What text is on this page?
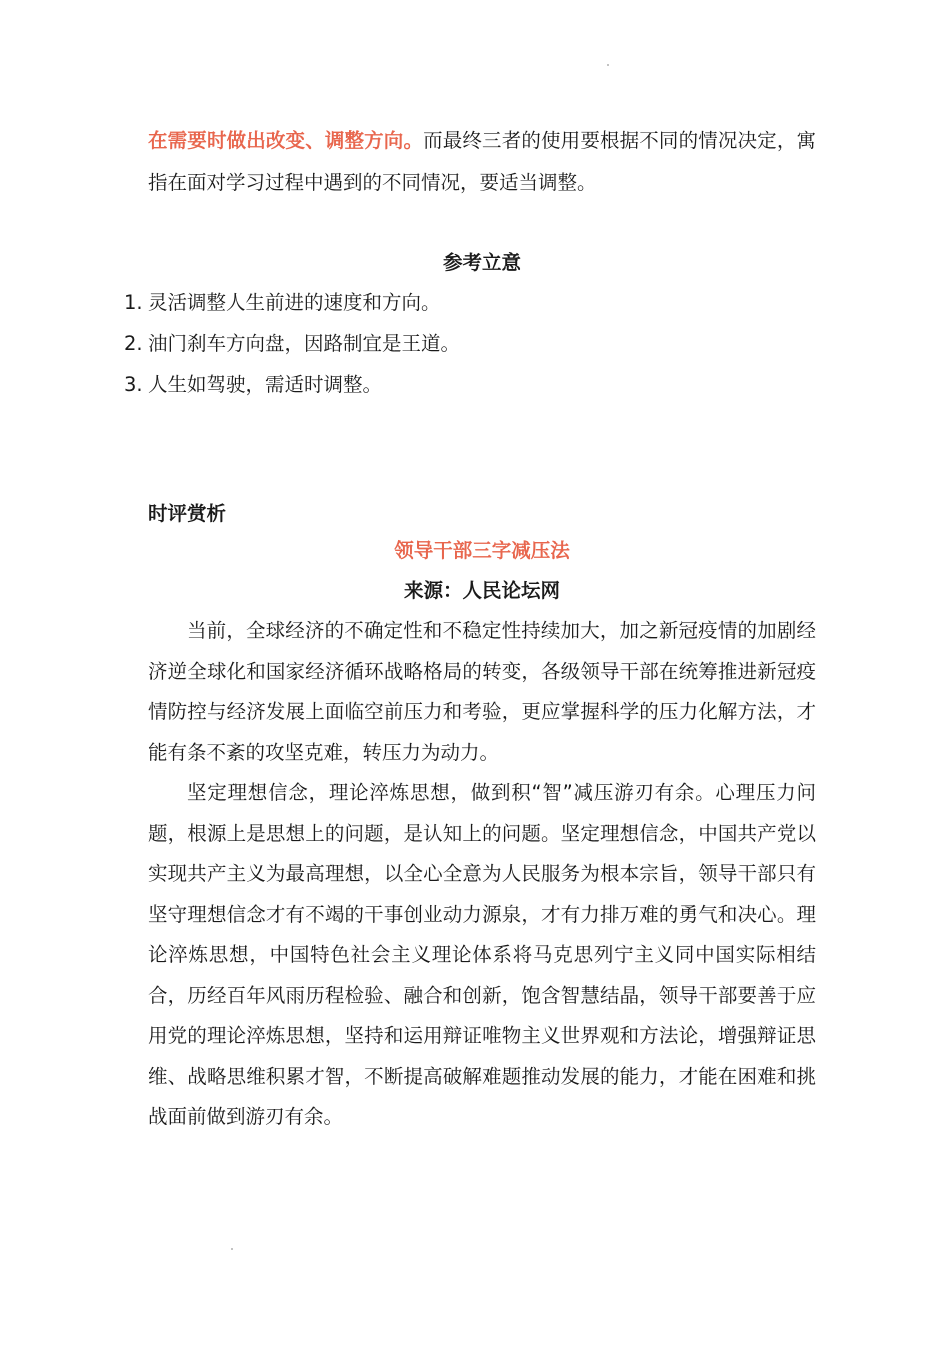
在需要时做出改变、调整方向。而最终三者的使用要根据不同的情况决定，寓指在面对学习过程中遇到的不同情况，要适当调整。

参考立意
1. 灵活调整人生前进的速度和方向。
2. 油门刹车方向盘，因路制宜是王道。
3. 人生如驾驶，需适时调整。
时评赏析
领导干部三字减压法
来源：人民论坛网

当前，全球经济的不确定性和不稳定性持续加大，加之新冠疫情的加剧经济逆全球化和国家经济循环战略格局的转变，各级领导干部在统筹推进新冠疫情防控与经济发展上面临空前压力和考验，更应掌握科学的压力化解方法，才能有条不紊的攻坚克难，转压力为动力。

坚定理想信念，理论淬炼思想，做到积“智”减压游刃有余。心理压力问题，根源上是思想上的问题，是认知上的问题。坚定理想信念，中国共产党以实现共产主义为最高理想，以全心全意为人民服务为根本宗旨，领导干部只有坚守理想信念才有不竭的干事创业动力源泉，才有力排万难的勇气和决心。理论淬炼思想，中国特色社会主义理论体系将马克思列宁主义同中国实际相结合，历经百年风雨历程检验、融合和创新，饱含智慧结晶，领导干部要善于应用党的理论淬炼思想，坚持和运用辩证唯物主义世界观和方法论，增强辩证思维、战略思维积累才智，不断提高破解难题推动发展的能力，才能在困难和挑战面前做到游刃有余。
